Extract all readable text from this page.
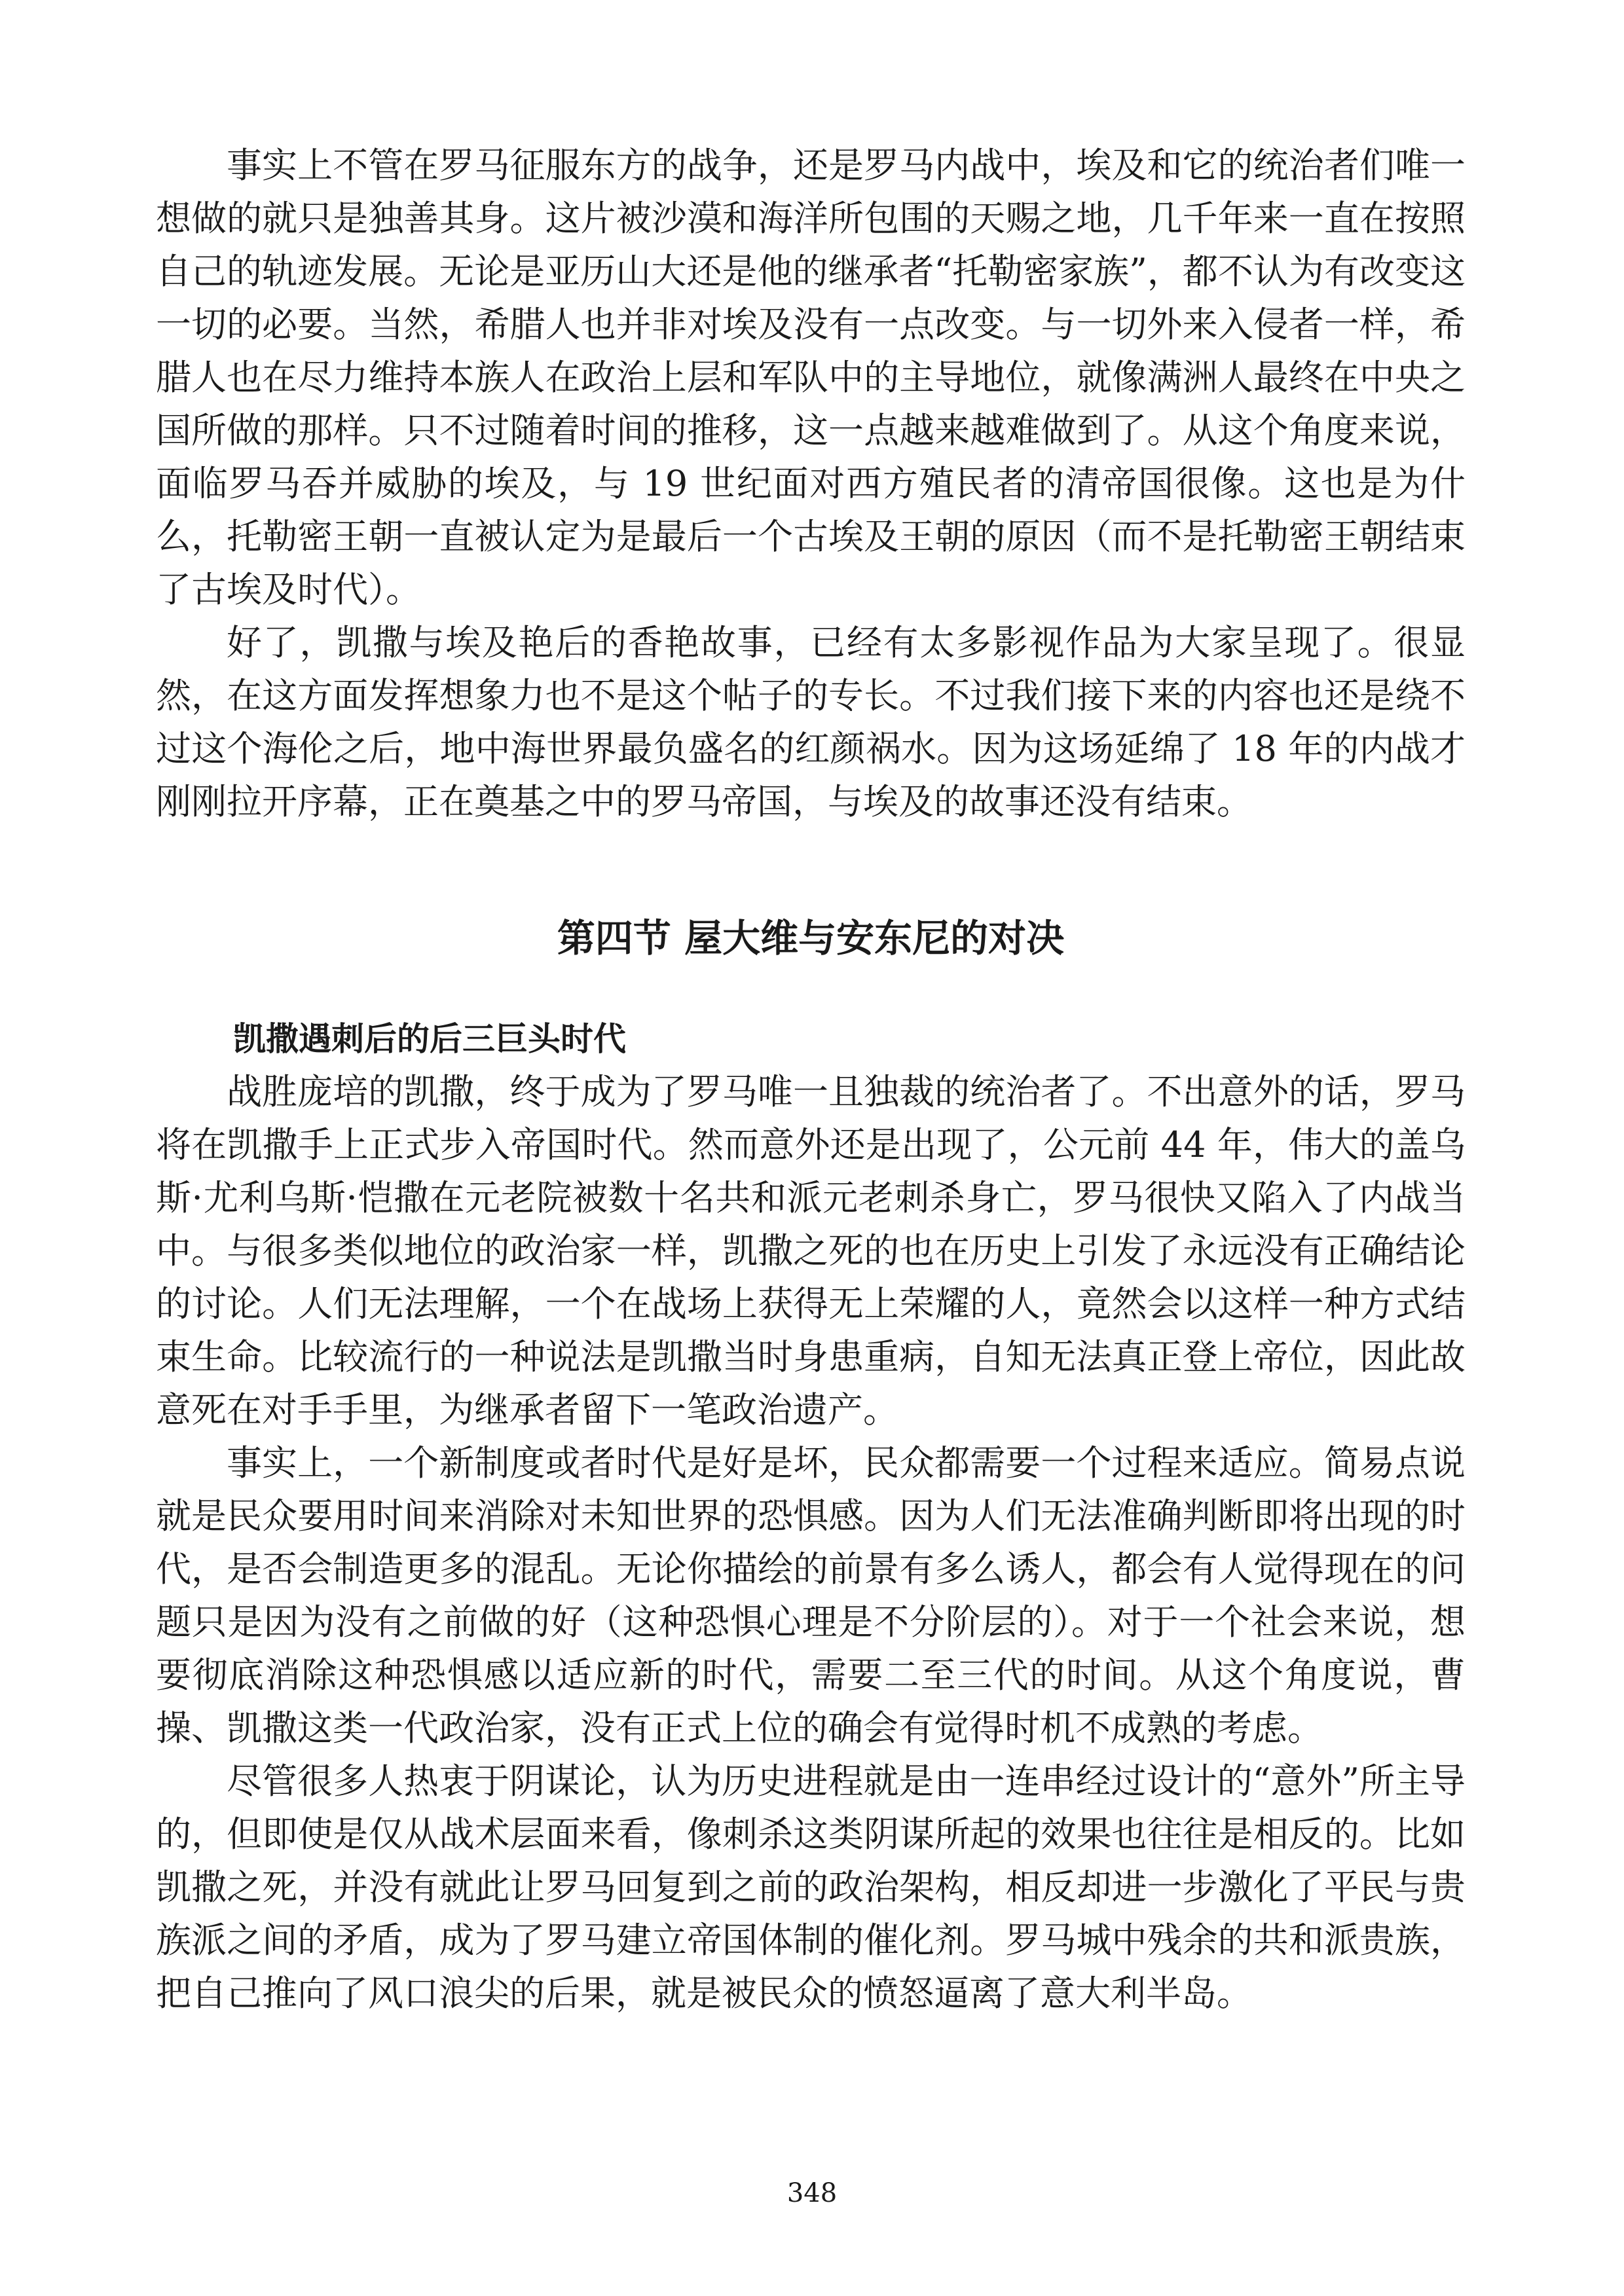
事实上不管在罗马征服东方的战争，还是罗马内战中，埃及和它的统治者们唯一想做的就只是独善其身。这片被沙漠和海洋所包围的天赐之地，几千年来一直在按照自己的轨迹发展。无论是亚历山大还是他的继承者“托勒密家族”，都不认为有改变这一切的必要。当然，希腊人也并非对埃及没有一点改变。与一切外来入侵者一样，希腊人也在尽力维持本族人在政治上层和军队中的主导地位，就像满洲人最终在中央之国所做的那样。只不过随着时间的推移，这一点越来越难做到了。从这个角度来说，面临罗马吞并威胁的埃及，与 19 世纪面对西方殖民者的清帝国很像。这也是为什么，托勒密王朝一直被认定为是最后一个古埃及王朝的原因（而不是托勒密王朝结束了古埃及时代）。

好了，凯撒与埃及艳后的香艳故事，已经有太多影视作品为大家呈现了。很显然，在这方面发挥想象力也不是这个帖子的专长。不过我们接下来的内容也还是绕不过这个海伦之后，地中海世界最负盛名的红颜祸水。因为这场延绵了 18 年的内战才刚刚拉开序幕，正在奠基之中的罗马帝国，与埃及的故事还没有结束。

第四节 屋大维与安东尼的对决
凯撒遇刺后的后三巨头时代

战胜庞培的凯撒，终于成为了罗马唯一且独裁的统治者了。不出意外的话，罗马将在凯撒手上正式步入帝国时代。然而意外还是出现了，公元前 44 年，伟大的盖乌斯·尤利乌斯·恺撒在元老院被数十名共和派元老刺杀身亡，罗马很快又陷入了内战当中。与很多类似地位的政治家一样，凯撒之死的也在历史上引发了永远没有正确结论的讨论。人们无法理解，一个在战场上获得无上荣耀的人，竟然会以这样一种方式结束生命。比较流行的一种说法是凯撒当时身患重病，自知无法真正登上帝位，因此故意死在对手手里，为继承者留下一笔政治遗产。

事实上，一个新制度或者时代是好是坏，民众都需要一个过程来适应。简易点说就是民众要用时间来消除对未知世界的恐惧感。因为人们无法准确判断即将出现的时代，是否会制造更多的混乱。无论你描绘的前景有多么诱人，都会有人觉得现在的问题只是因为没有之前做的好（这种恐惧心理是不分阶层的）。对于一个社会来说，想要彻底消除这种恐惧感以适应新的时代，需要二至三代的时间。从这个角度说，曹操、凯撒这类一代政治家，没有正式上位的确会有觉得时机不成熟的考虑。

尽管很多人热衷于阴谋论，认为历史进程就是由一连串经过设计的“意外”所主导的，但即使是仅从战术层面来看，像刺杀这类阴谋所起的效果也往往是相反的。比如凯撒之死，并没有就此让罗马回复到之前的政治架构，相反却进一步激化了平民与贵族派之间的矛盾，成为了罗马建立帝国体制的催化剂。罗马城中残余的共和派贵族，把自己推向了风口浪尖的后果，就是被民众的愤怒逼离了意大利半岛。

348
